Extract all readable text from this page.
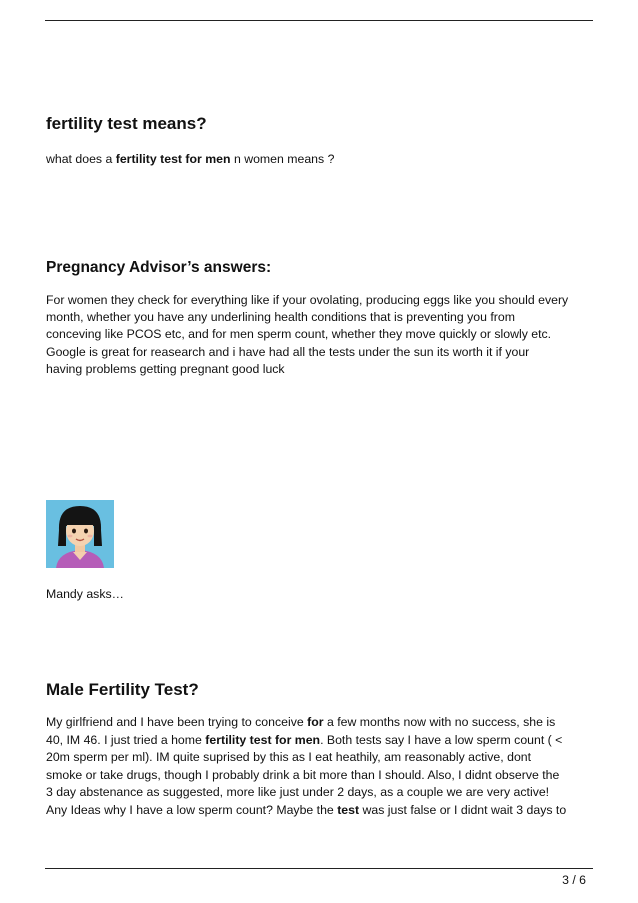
fertility test means?

what does a fertility test for men n women means ?

Pregnancy Advisor’s answers:

For women they check for everything like if your ovolating, producing eggs like you should every
month, whether you have any underlining health conditions that is preventing you from
conceving like PCOS etc, and for men sperm count, whether they move quickly or slowly etc.
Google is great for reasearch and i have had all the tests under the sun its worth it if your
having problems getting pregnant good luck

Mandy asks…

Male Fertility Test?

My girlfriend and I have been trying to conceive for a few months now with no success, she is
40, IM 46. I just tried a home fertility test for men. Both tests say I have a low sperm count ( <
20m sperm per ml). IM quite suprised by this as I eat heathily, am reasonably active, dont
smoke or take drugs, though I probably drink a bit more than I should. Also, I didnt observe the
3 day abstenance as suggested, more like just under 2 days, as a couple we are very active!
Any Ideas why I have a low sperm count? Maybe the test was just false or I didnt wait 3 days to

3 / 6
